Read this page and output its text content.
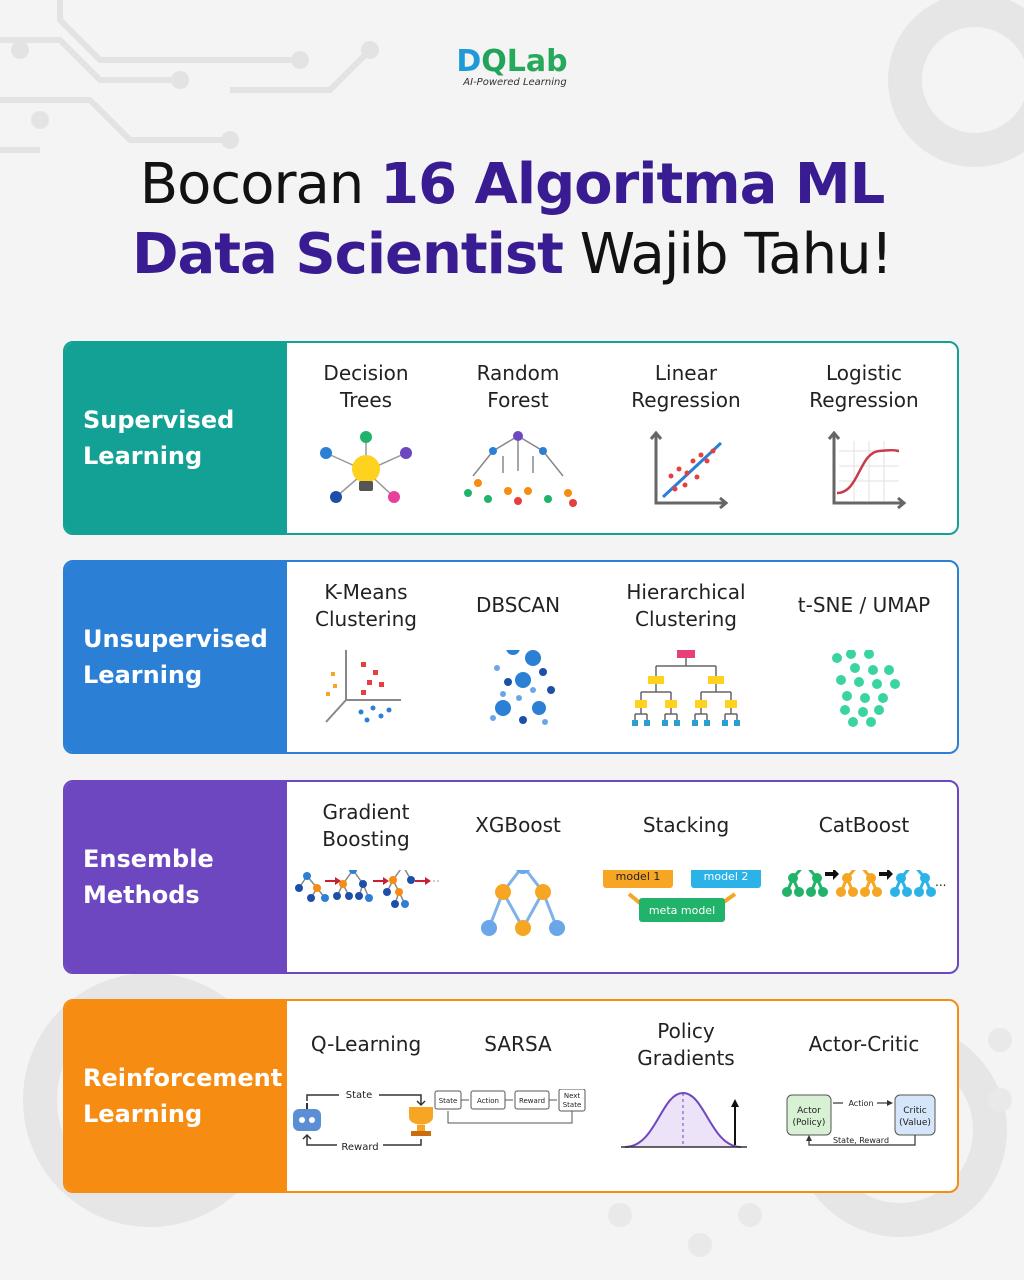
DQLab
AI-Powered Learning
Bocoran 16 Algoritma ML
Data Scientist Wajib Tahu!
Supervised
Learning
Decision
Trees
Random
Forest
Linear
Regression
Logistic
Regression
Unsupervised
Learning
K-Means
Clustering
DBSCAN
Hierarchical
Clustering
t-SNE / UMAP
Ensemble
Methods
Gradient
Boosting
XGBoost	Stacking
model 1	model 2
meta model
CatBoost
...
Reinforcement
Learning
Q-Learning
State
Reward
SARSA
State	Action	Reward
Next
State
Policy
Gradients
Actor-Critic
Actor
(Policy)
Critic
(Value)
Action
State, Reward
